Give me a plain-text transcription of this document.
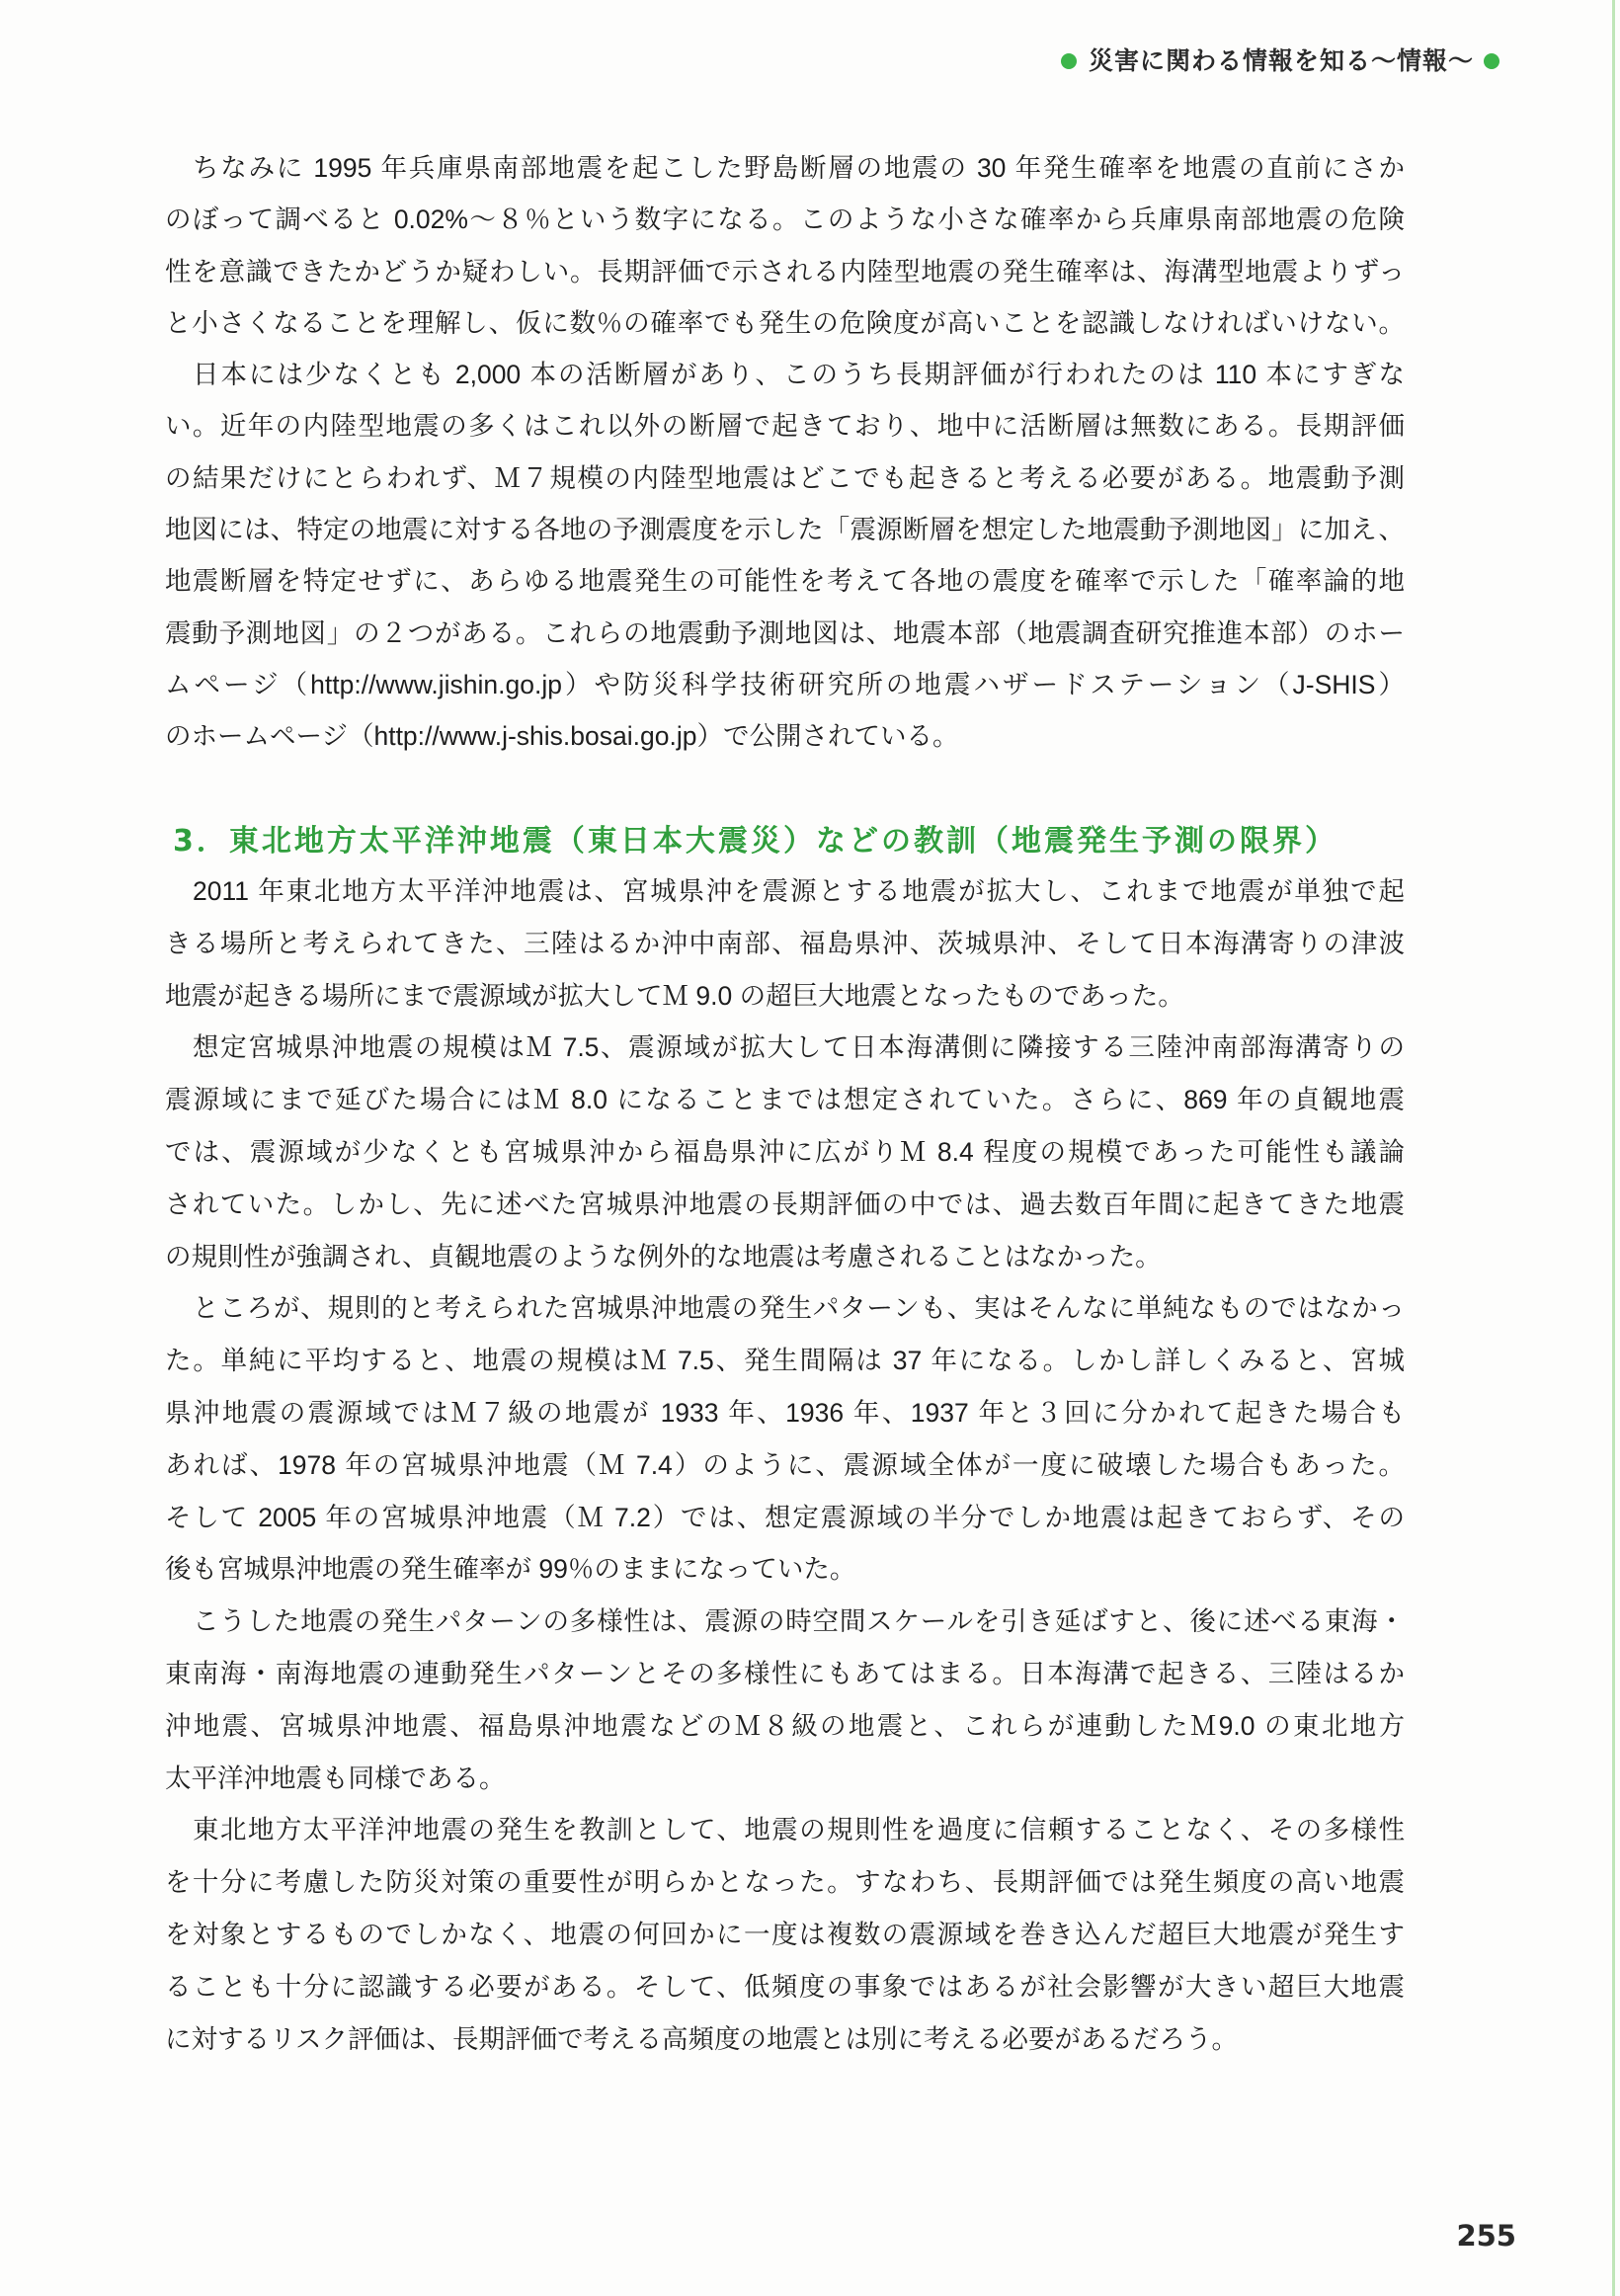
災害に関わる情報を知る〜情報〜
ちなみに 1995 年兵庫県南部地震を起こした野島断層の地震の 30 年発生確率を地震の直前にさか
のぼって調べると 0.02%〜８％という数字になる。このような小さな確率から兵庫県南部地震の危険
性を意識できたかどうか疑わしい。長期評価で示される内陸型地震の発生確率は、海溝型地震よりずっ
と小さくなることを理解し、仮に数％の確率でも発生の危険度が高いことを認識しなければいけない。
日本には少なくとも 2,000 本の活断層があり、このうち長期評価が行われたのは 110 本にすぎな
い。近年の内陸型地震の多くはこれ以外の断層で起きており、地中に活断層は無数にある。長期評価
の結果だけにとらわれず、Ｍ７規模の内陸型地震はどこでも起きると考える必要がある。地震動予測
地図には、特定の地震に対する各地の予測震度を示した「震源断層を想定した地震動予測地図」に加え、
地震断層を特定せずに、あらゆる地震発生の可能性を考えて各地の震度を確率で示した「確率論的地
震動予測地図」の２つがある。これらの地震動予測地図は、地震本部（地震調査研究推進本部）のホー
ムページ（http://www.jishin.go.jp）や防災科学技術研究所の地震ハザードステーション（J-SHIS）
のホームページ（http://www.j-shis.bosai.go.jp）で公開されている。
3．東北地方太平洋沖地震（東日本大震災）などの教訓（地震発生予測の限界）
2011 年東北地方太平洋沖地震は、宮城県沖を震源とする地震が拡大し、これまで地震が単独で起
きる場所と考えられてきた、三陸はるか沖中南部、福島県沖、茨城県沖、そして日本海溝寄りの津波
地震が起きる場所にまで震源域が拡大してＭ 9.0 の超巨大地震となったものであった。
想定宮城県沖地震の規模はＭ 7.5、震源域が拡大して日本海溝側に隣接する三陸沖南部海溝寄りの
震源域にまで延びた場合にはＭ 8.0 になることまでは想定されていた。さらに、869 年の貞観地震
では、震源域が少なくとも宮城県沖から福島県沖に広がりＭ 8.4 程度の規模であった可能性も議論
されていた。しかし、先に述べた宮城県沖地震の長期評価の中では、過去数百年間に起きてきた地震
の規則性が強調され、貞観地震のような例外的な地震は考慮されることはなかった。
ところが、規則的と考えられた宮城県沖地震の発生パターンも、実はそんなに単純なものではなかっ
た。単純に平均すると、地震の規模はＭ 7.5、発生間隔は 37 年になる。しかし詳しくみると、宮城
県沖地震の震源域ではＭ７級の地震が 1933 年、1936 年、1937 年と３回に分かれて起きた場合も
あれば、1978 年の宮城県沖地震（Ｍ 7.4）のように、震源域全体が一度に破壊した場合もあった。
そして 2005 年の宮城県沖地震（Ｍ 7.2）では、想定震源域の半分でしか地震は起きておらず、その
後も宮城県沖地震の発生確率が 99％のままになっていた。
こうした地震の発生パターンの多様性は、震源の時空間スケールを引き延ばすと、後に述べる東海・
東南海・南海地震の連動発生パターンとその多様性にもあてはまる。日本海溝で起きる、三陸はるか
沖地震、宮城県沖地震、福島県沖地震などのＭ８級の地震と、これらが連動したＭ9.0 の東北地方
太平洋沖地震も同様である。
東北地方太平洋沖地震の発生を教訓として、地震の規則性を過度に信頼することなく、その多様性
を十分に考慮した防災対策の重要性が明らかとなった。すなわち、長期評価では発生頻度の高い地震
を対象とするものでしかなく、地震の何回かに一度は複数の震源域を巻き込んだ超巨大地震が発生す
ることも十分に認識する必要がある。そして、低頻度の事象ではあるが社会影響が大きい超巨大地震
に対するリスク評価は、長期評価で考える高頻度の地震とは別に考える必要があるだろう。
255
